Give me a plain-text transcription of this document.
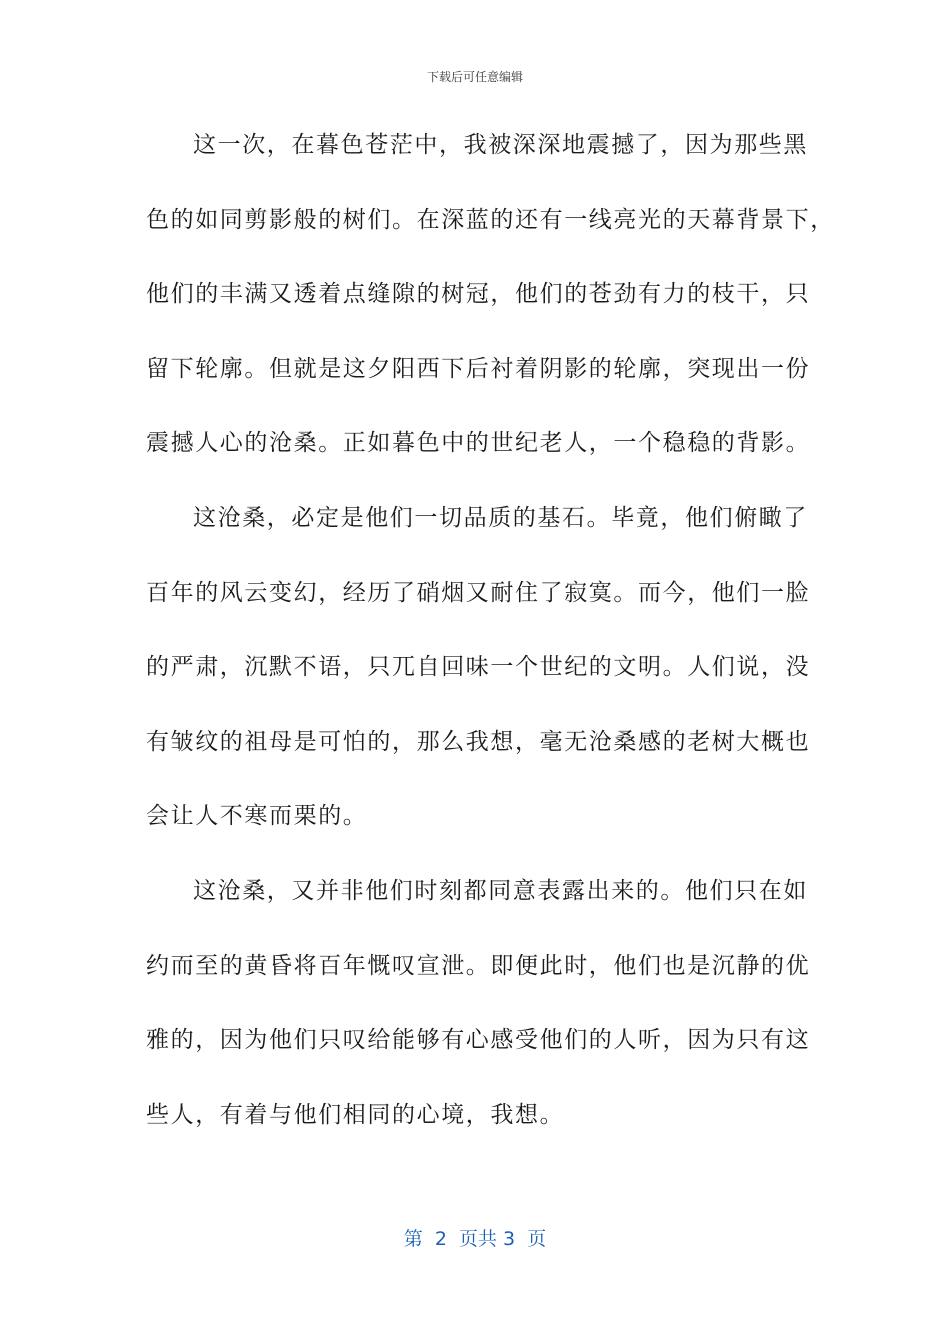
下载后可任意编辑
这一次，在暮色苍茫中，我被深深地震撼了，因为那些黑
色的如同剪影般的树们。在深蓝的还有一线亮光的天幕背景下，
他们的丰满又透着点缝隙的树冠，他们的苍劲有力的枝干，只
留下轮廓。但就是这夕阳西下后衬着阴影的轮廓，突现出一份
震撼人心的沧桑。正如暮色中的世纪老人，一个稳稳的背影。
这沧桑，必定是他们一切品质的基石。毕竟，他们俯瞰了
百年的风云变幻，经历了硝烟又耐住了寂寞。而今，他们一脸
的严肃，沉默不语，只兀自回味一个世纪的文明。人们说，没
有皱纹的祖母是可怕的，那么我想，毫无沧桑感的老树大概也
会让人不寒而栗的。
这沧桑，又并非他们时刻都同意表露出来的。他们只在如
约而至的黄昏将百年慨叹宣泄。即便此时，他们也是沉静的优
雅的，因为他们只叹给能够有心感受他们的人听，因为只有这
些人，有着与他们相同的心境，我想。
第  2  页共 3  页
